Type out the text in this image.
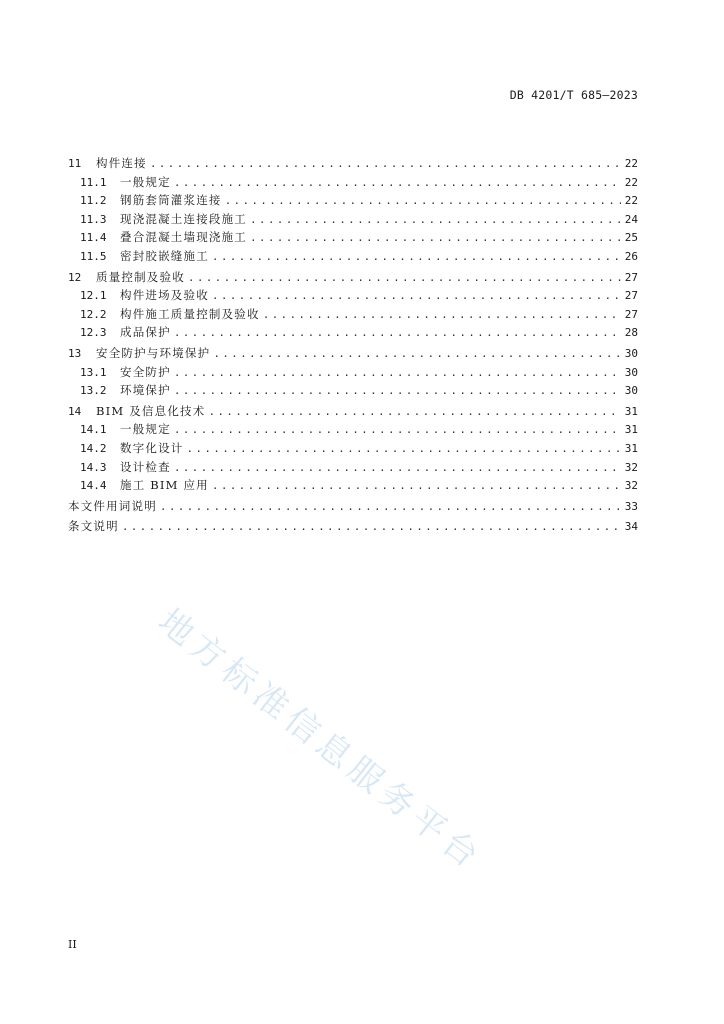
DB 4201/T 685—2023
11	构件连接 .....	22
11.1	一般规定 .....	22
11.2	钢筋套筒灌浆连接 .....	22
11.3	现浇混凝土连接段施工 .....	24
11.4	叠合混凝土墙现浇施工 .....	25
11.5	密封胶嵌缝施工 .....	26
12	质量控制及验收 .....	27
12.1	构件进场及验收 .....	27
12.2	构件施工质量控制及验收 .....	27
12.3	成品保护 .....	28
13	安全防护与环境保护 .....	30
13.1	安全防护 .....	30
13.2	环境保护 .....	30
14	BIM 及信息化技术 .....	31
14.1	一般规定 .....	31
14.2	数字化设计 .....	31
14.3	设计检查 .....	32
14.4	施工 BIM 应用 .....	32
本文件用词说明 .....	33
条文说明 .....	34
II
地方标准信息服务平台
